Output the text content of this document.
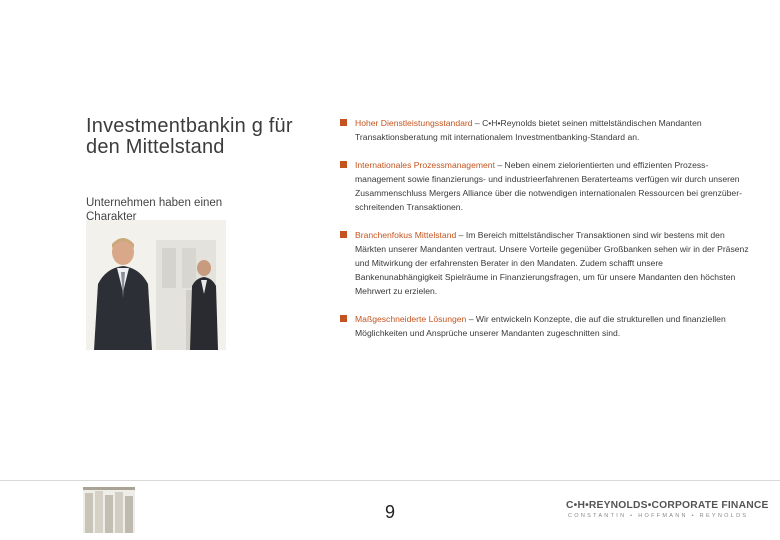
Investmentbankin g für den Mittelstand
Unternehmen haben einen Charakter
Hoher Dienstleistungsstandard – C•H•Reynolds bietet seinen mittelständischen Mandanten Transaktionsberatung mit internationalem Investmentbanking-Standard an.
Internationales Prozessmanagement – Neben einem zielorientierten und effizienten Prozess-management sowie finanzierungs- und industrieerfahrenen Beraterteams verfügen wir durch unseren Zusammenschluss Mergers Alliance über die notwendigen internationalen Ressourcen bei grenzüber-schreitenden Transaktionen.
Branchenfokus Mittelstand – Im Bereich mittelständischer Transaktionen sind wir bestens mit den Märkten unserer Mandanten vertraut. Unsere Vorteile gegenüber Großbanken sehen wir in der Präsenz und Mitwirkung der erfahrensten Berater in den Mandaten. Zudem schafft unsere Bankenunabhängigkeit Spielräume in Finanzierungsfragen, um für unsere Mandanten den höchsten Mehrwert zu erzielen.
Maßgeschneiderte Lösungen – Wir entwickeln Konzepte, die auf die strukturellen und finanziellen Möglichkeiten und Ansprüche unserer Mandanten zugeschnitten sind.
9	C•H•REYNOLDS•CORPORATE FINANCE
CONSTANTIN • HOFFMANN • REYNOLDS
